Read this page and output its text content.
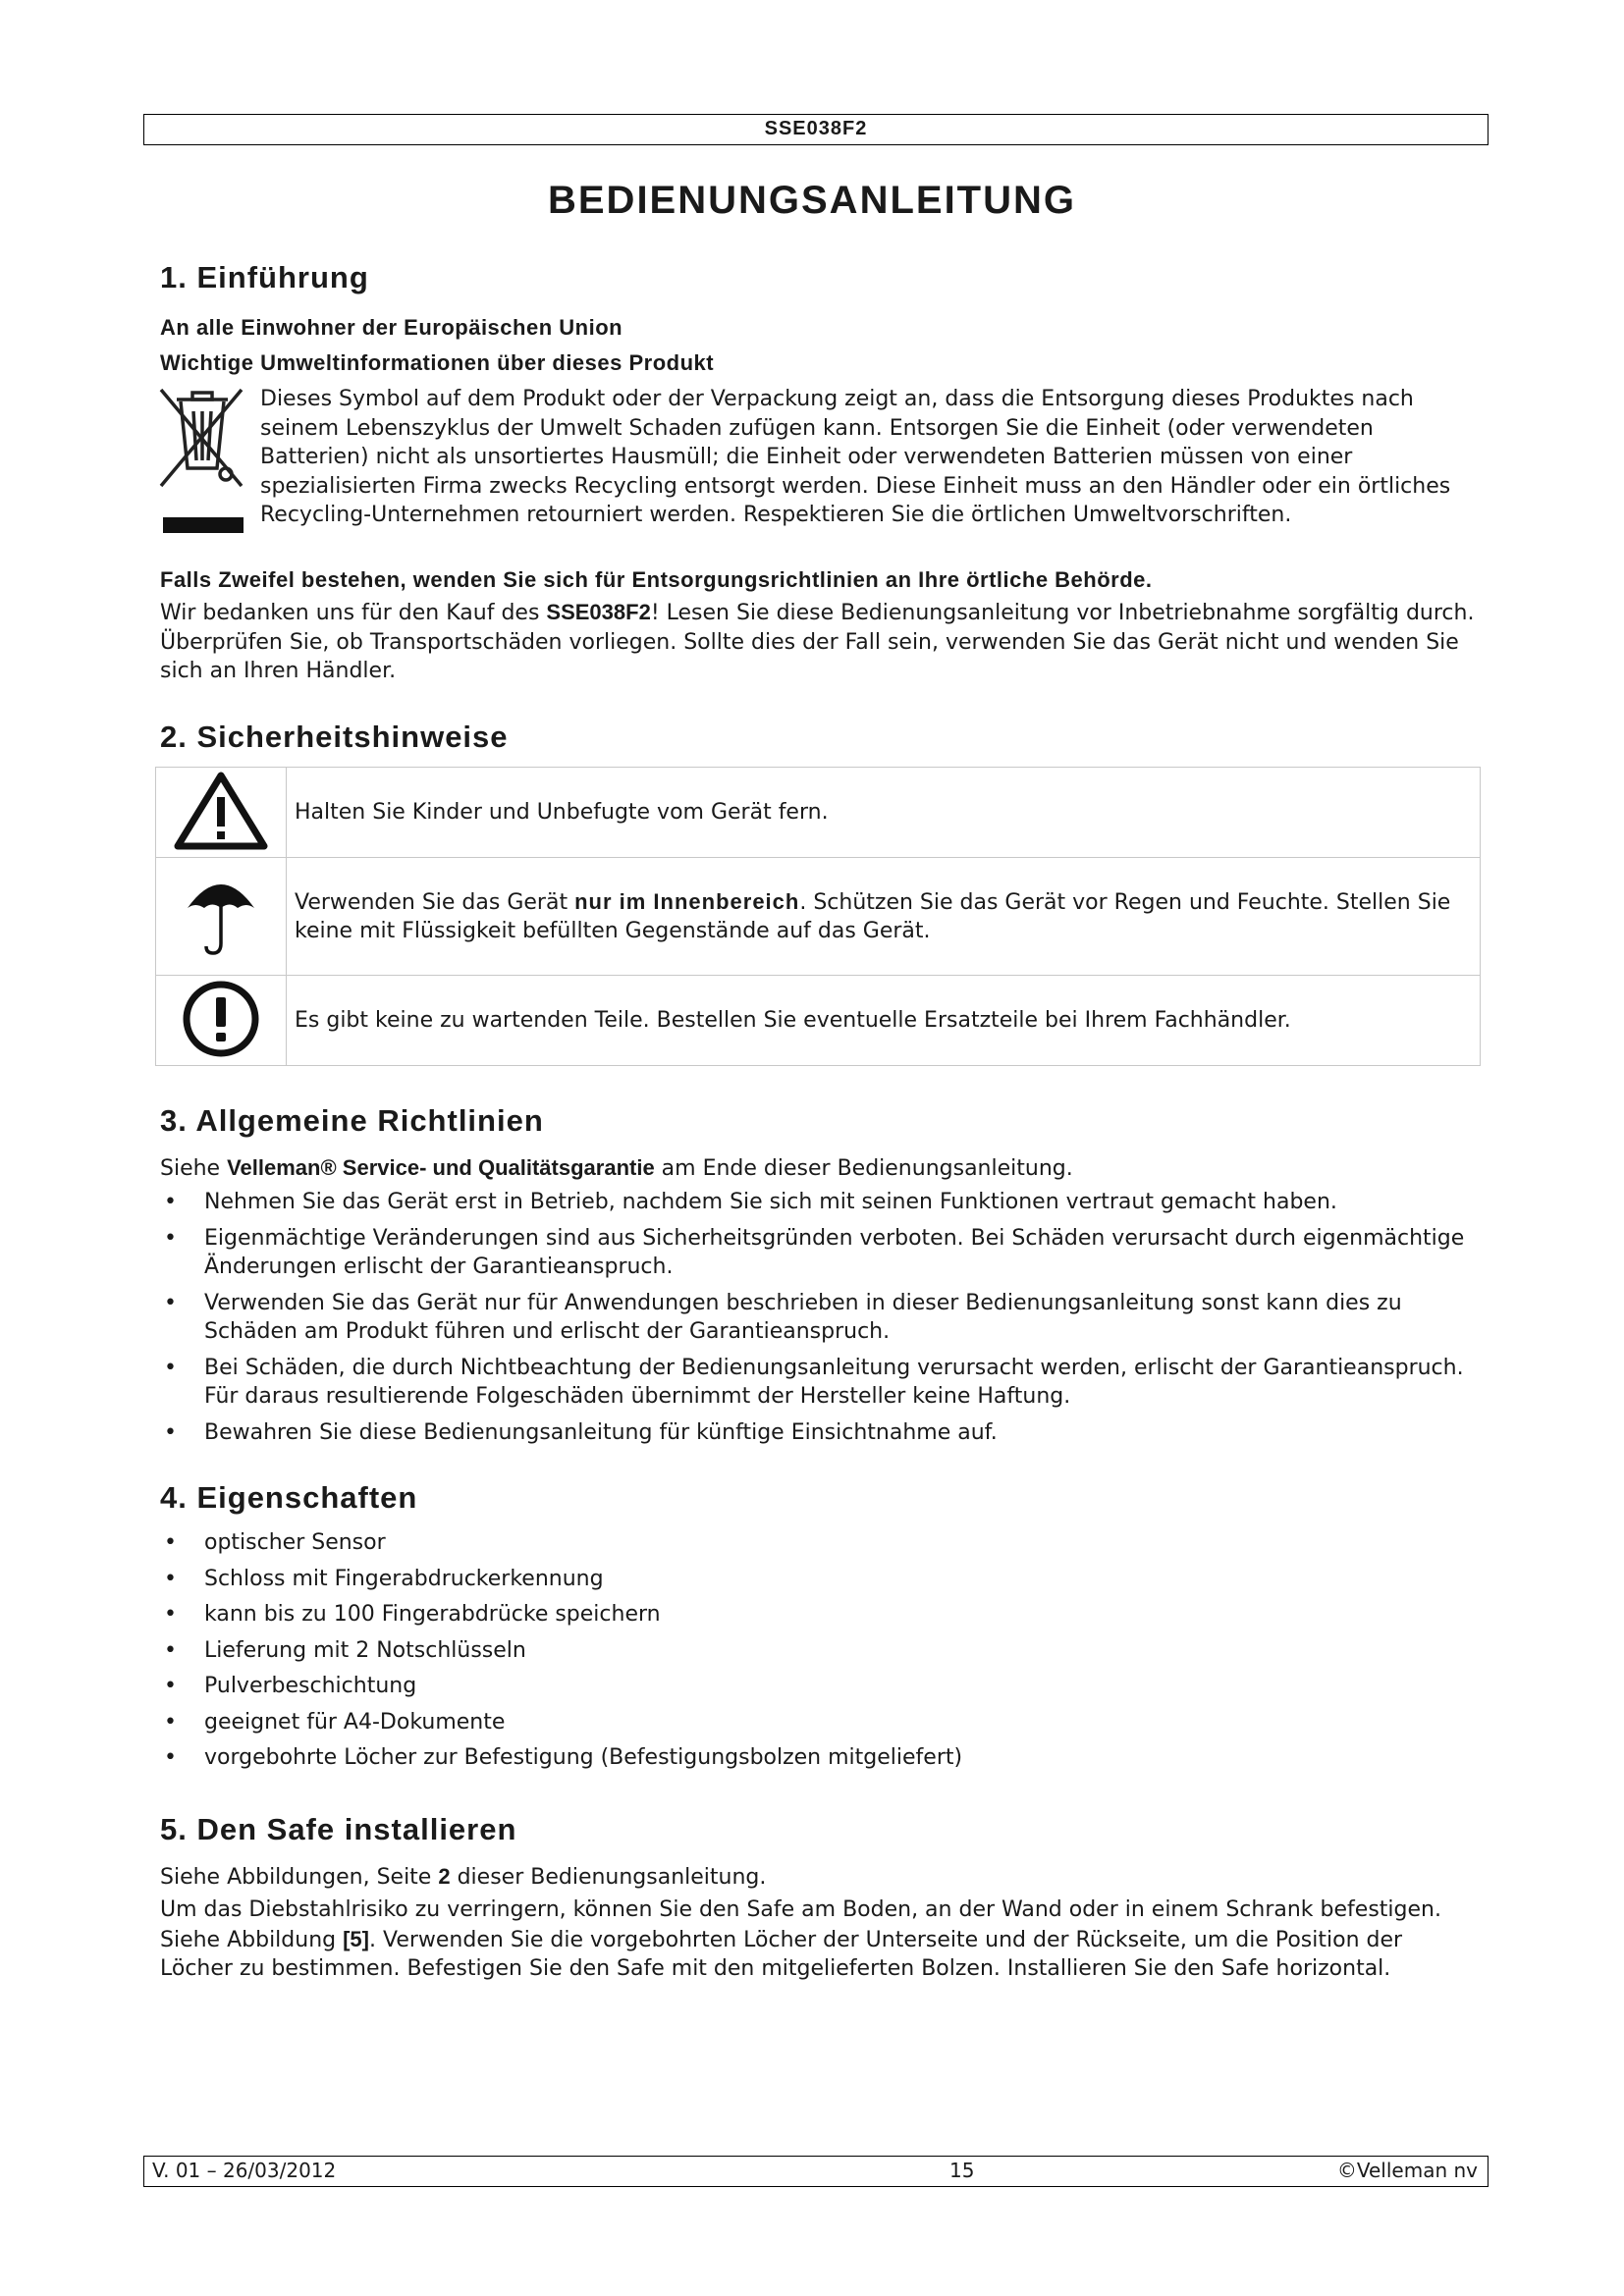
SSE038F2
BEDIENUNGSANLEITUNG
1. Einführung
An alle Einwohner der Europäischen Union
Wichtige Umweltinformationen über dieses Produkt

Dieses Symbol auf dem Produkt oder der Verpackung zeigt an, dass die Entsorgung dieses Produktes nach seinem Lebenszyklus der Umwelt Schaden zufügen kann. Entsorgen Sie die Einheit (oder verwendeten Batterien) nicht als unsortiertes Hausmüll; die Einheit oder verwendeten Batterien müssen von einer spezialisierten Firma zwecks Recycling entsorgt werden. Diese Einheit muss an den Händler oder ein örtliches Recycling-Unternehmen retourniert werden. Respektieren Sie die örtlichen Umweltvorschriften.

Falls Zweifel bestehen, wenden Sie sich für Entsorgungsrichtlinien an Ihre örtliche Behörde.

Wir bedanken uns für den Kauf des SSE038F2! Lesen Sie diese Bedienungsanleitung vor Inbetriebnahme sorgfältig durch. Überprüfen Sie, ob Transportschäden vorliegen. Sollte dies der Fall sein, verwenden Sie das Gerät nicht und wenden Sie sich an Ihren Händler.

2. Sicherheitshinweise
	Halten Sie Kinder und Unbefugte vom Gerät fern.
	Verwenden Sie das Gerät nur im Innenbereich. Schützen Sie das Gerät vor Regen und Feuchte. Stellen Sie keine mit Flüssigkeit befüllten Gegenstände auf das Gerät.
	Es gibt keine zu wartenden Teile. Bestellen Sie eventuelle Ersatzteile bei Ihrem Fachhändler.
3. Allgemeine Richtlinien

Siehe Velleman® Service- und Qualitätsgarantie am Ende dieser Bedienungsanleitung.

• Nehmen Sie das Gerät erst in Betrieb, nachdem Sie sich mit seinen Funktionen vertraut gemacht haben.
• Eigenmächtige Veränderungen sind aus Sicherheitsgründen verboten. Bei Schäden verursacht durch eigenmächtige Änderungen erlischt der Garantieanspruch.
• Verwenden Sie das Gerät nur für Anwendungen beschrieben in dieser Bedienungsanleitung sonst kann dies zu Schäden am Produkt führen und erlischt der Garantieanspruch.
• Bei Schäden, die durch Nichtbeachtung der Bedienungsanleitung verursacht werden, erlischt der Garantieanspruch. Für daraus resultierende Folgeschäden übernimmt der Hersteller keine Haftung.
• Bewahren Sie diese Bedienungsanleitung für künftige Einsichtnahme auf.
4. Eigenschaften
• optischer Sensor
• Schloss mit Fingerabdruckerkennung
• kann bis zu 100 Fingerabdrücke speichern
• Lieferung mit 2 Notschlüsseln
• Pulverbeschichtung
• geeignet für A4-Dokumente
• vorgebohrte Löcher zur Befestigung (Befestigungsbolzen mitgeliefert)
5. Den Safe installieren

Siehe Abbildungen, Seite 2 dieser Bedienungsanleitung.

Um das Diebstahlrisiko zu verringern, können Sie den Safe am Boden, an der Wand oder in einem Schrank befestigen. Siehe Abbildung [5]. Verwenden Sie die vorgebohrten Löcher der Unterseite und der Rückseite, um die Position der Löcher zu bestimmen. Befestigen Sie den Safe mit den mitgelieferten Bolzen. Installieren Sie den Safe horizontal.

V. 01 – 26/03/2012	15	©Velleman nv
